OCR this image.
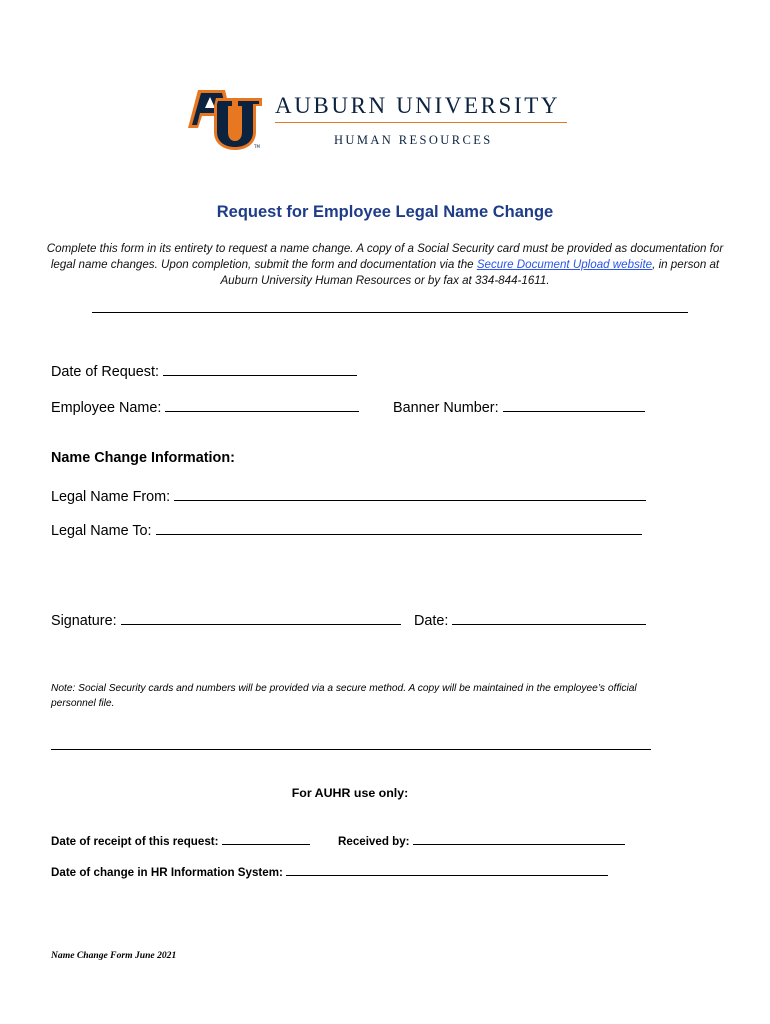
TM
AUBURN UNIVERSITY
HUMAN RESOURCES
Request for Employee Legal Name Change
Complete this form in its entirety to request a name change. A copy of a Social Security card must be provided as documentation for legal name changes. Upon completion, submit the form and documentation via the Secure Document Upload website, in person at Auburn University Human Resources or by fax at 334-844-1611.
Date of Request:
Employee Name:	Banner Number:
Name Change Information:
Legal Name From:
Legal Name To:
Signature:	Date:
Note: Social Security cards and numbers will be provided via a secure method. A copy will be maintained in the employee’s official personnel file.
For AUHR use only:
Date of receipt of this request:	Received by:
Date of change in HR Information System:
Name Change Form June 2021
